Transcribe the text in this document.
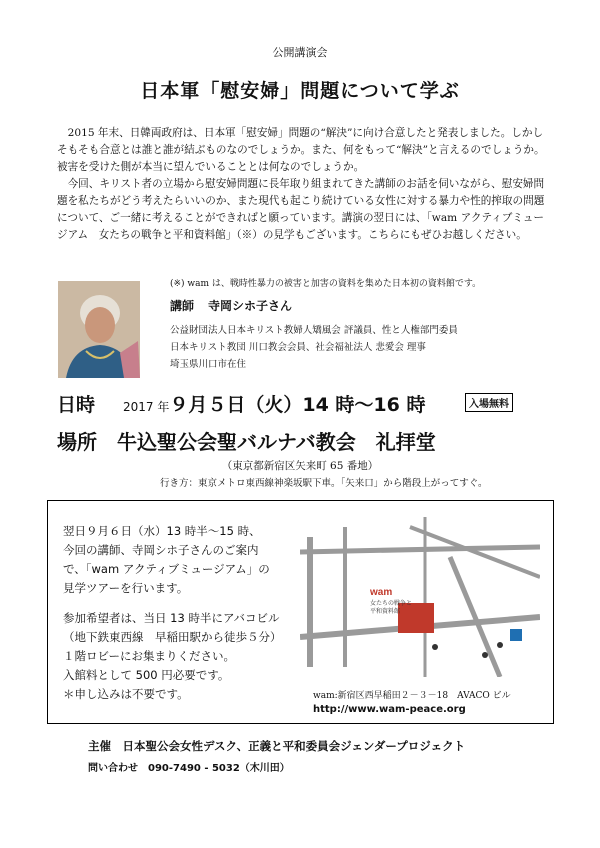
公開講演会
日本軍「慰安婦」問題について学ぶ

2015 年末、日韓両政府は、日本軍「慰安婦」問題の“解決”に向け合意したと発表しました。しかしそもそも合意とは誰と誰が結ぶものなのでしょうか。また、何をもって“解決”と言えるのでしょうか。被害を受けた側が本当に望んでいることとは何なのでしょうか。

今回、キリスト者の立場から慰安婦問題に長年取り組まれてきた講師のお話を伺いながら、慰安婦問題を私たちがどう考えたらいいのか、また現代も起こり続けている女性に対する暴力や性的搾取の問題について、ご一緒に考えることができればと願っています。講演の翌日には、「wam アクティブミュージアム　女たちの戦争と平和資料館」（※）の見学もございます。こちらにもぜひお越しください。

(※) wam は、戦時性暴力の被害と加害の資料を集めた日本初の資料館です。
講師 寺岡シホ子さん
公益財団法人日本キリスト教婦人矯風会 評議員、性と人権部門委員
日本キリスト教団 川口教会会員、社会福祉法人 悲愛会 理事
埼玉県川口市在住
日時 2017 年９月５日（火）14 時～16 時	入場無料
場所 牛込聖公会聖バルナバ教会　礼拝堂
（東京都新宿区矢来町 65 番地）
行き方：東京メトロ東西線神楽坂駅下車。「矢来口」から階段上がってすぐ。

翌日９月６日（水）13 時半～15 時、

今回の講師、寺岡シホ子さんのご案内

で、「wam アクティブミュージアム」の

見学ツアーを行います。

参加希望者は、当日 13 時半にアバコビル

（地下鉄東西線　早稲田駅から徒歩５分）

１階ロビーにお集まりください。

入館料として 500 円必要です。

＊申し込みは不要です。

wam
女たちの戦争と
平和資料館
wam:新宿区西早稲田２－３－18　AVACO ビル
http://www.wam-peace.org
主催　日本聖公会女性デスク、正義と平和委員会ジェンダープロジェクト
問い合わせ　090-7490 - 5032（木川田）
